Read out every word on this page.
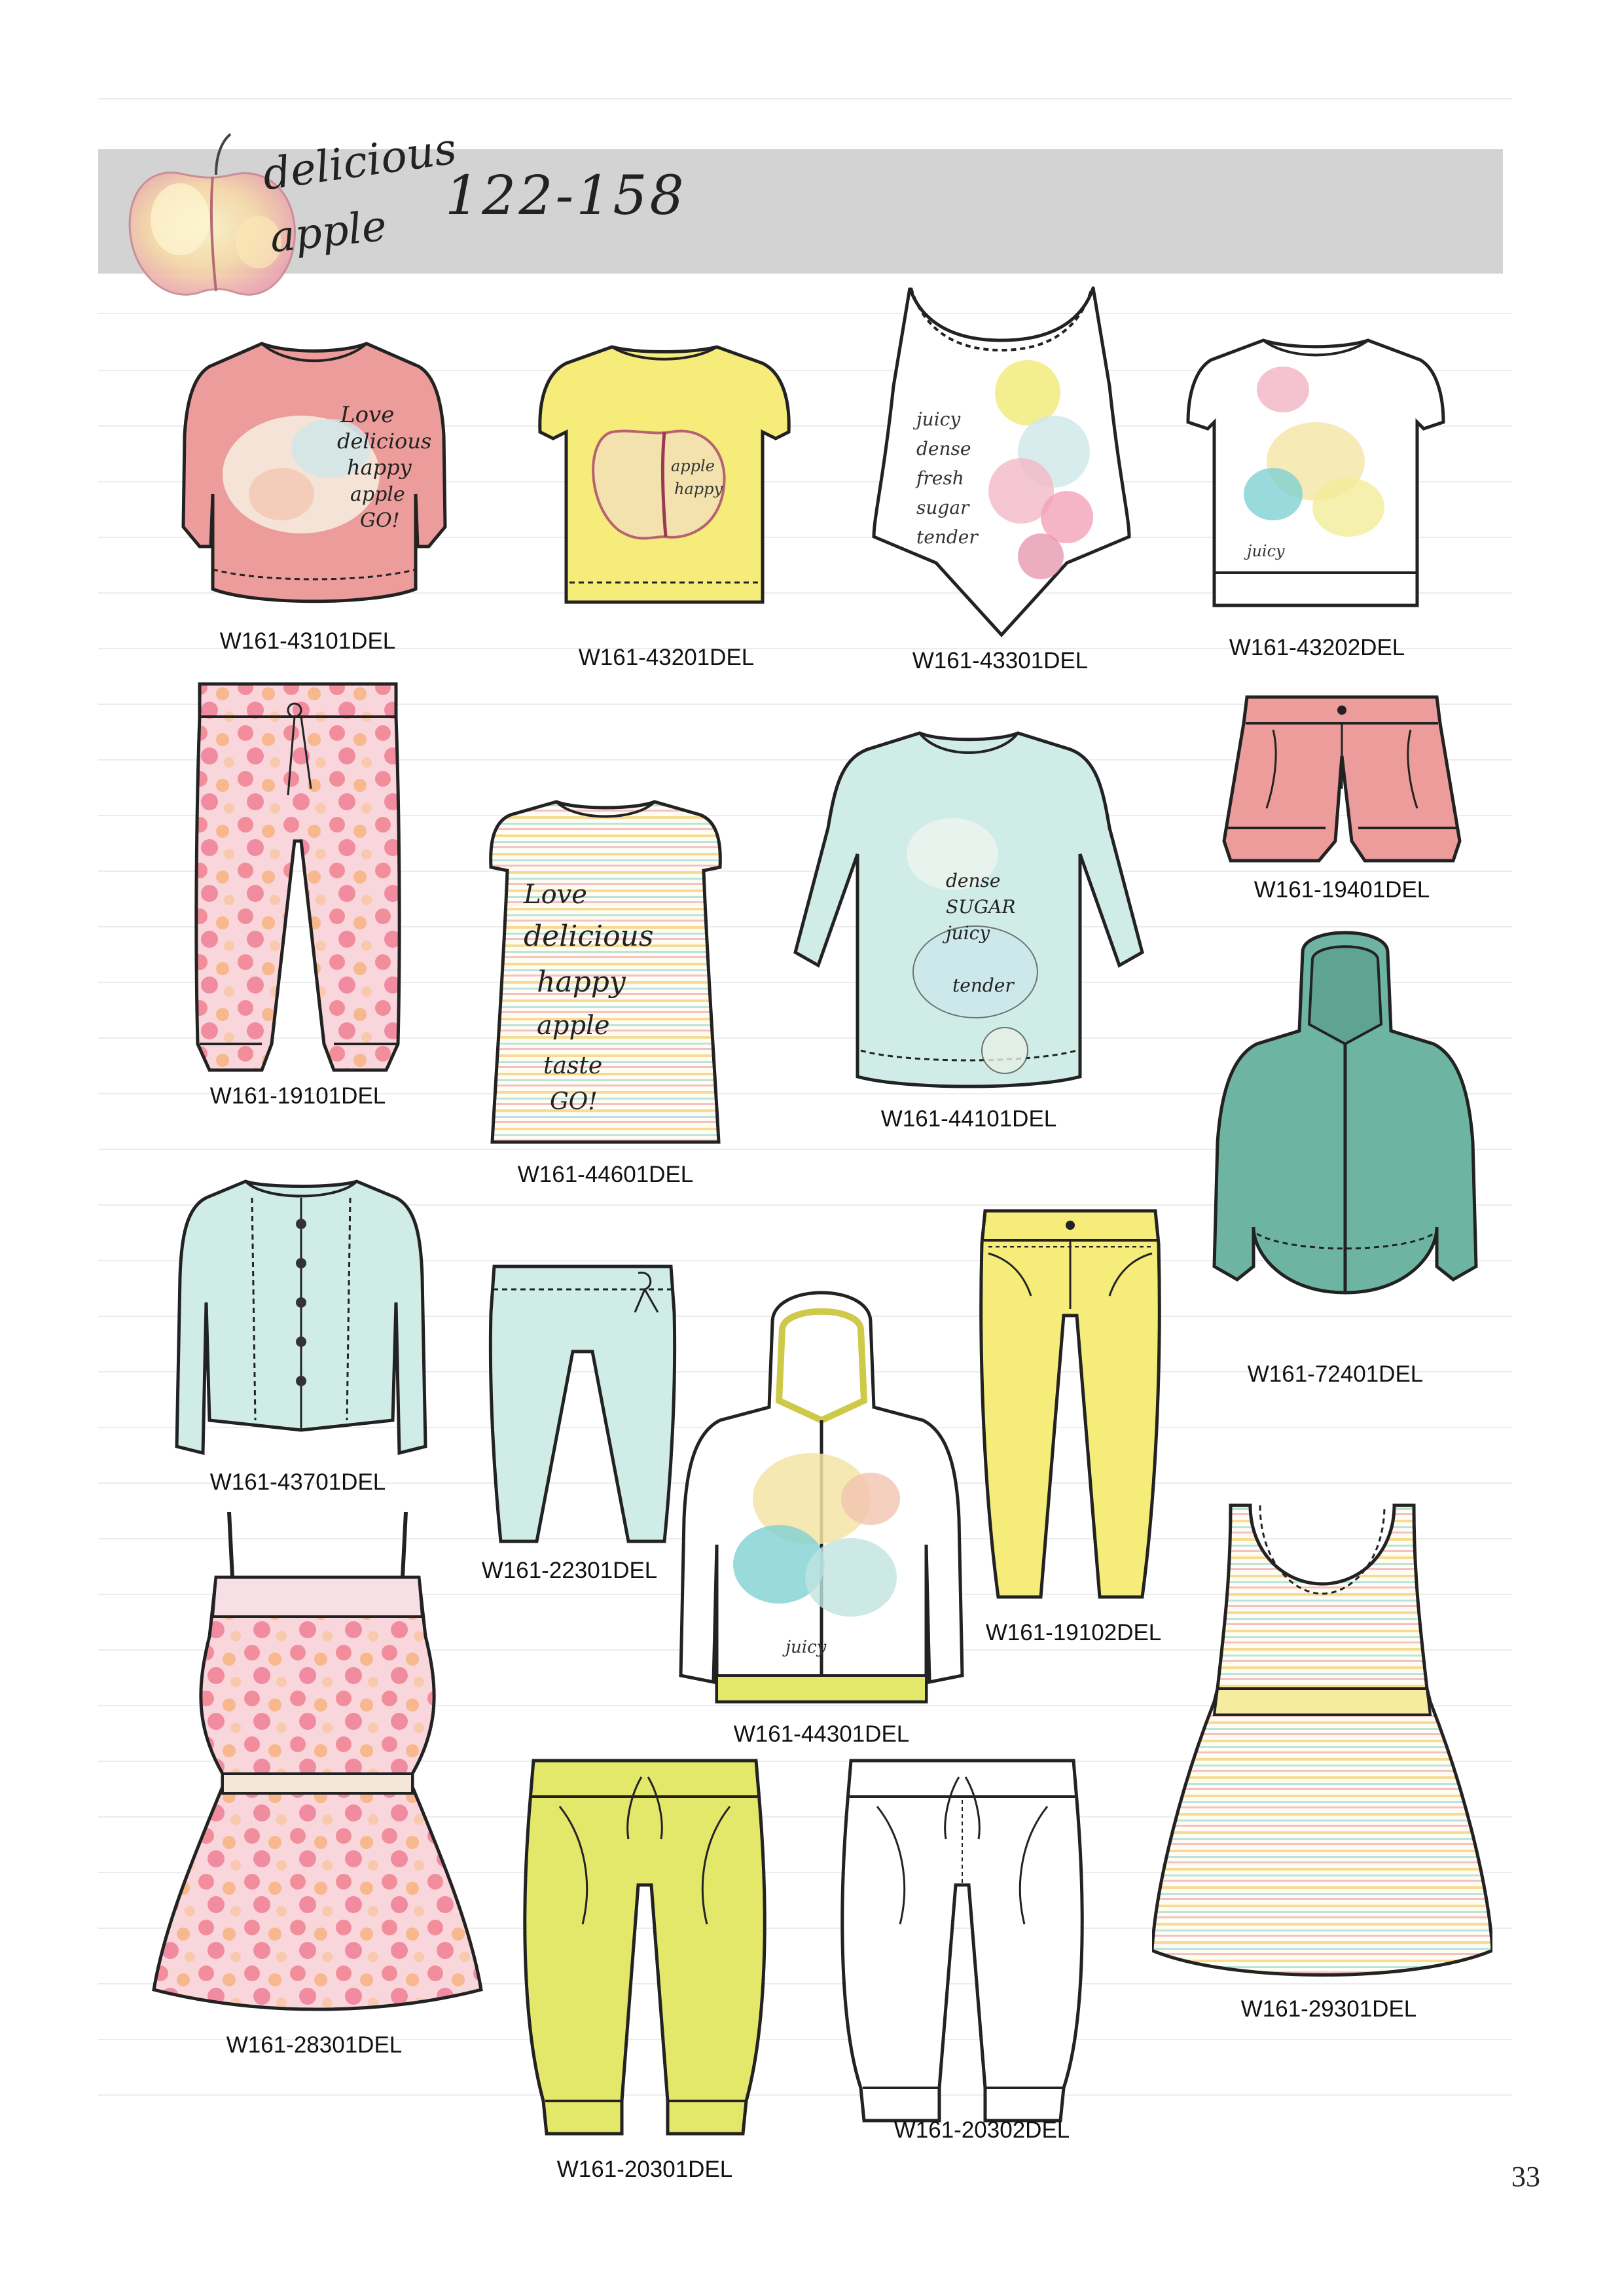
delicious
apple
122-158
Love
delicious
happy
apple
GO!
W161-43101DEL
apple
happy
W161-43201DEL
juicy
dense
fresh
sugar
tender
W161-43301DEL
juicy
W161-43202DEL
W161-19101DEL
Love
delicious
happy
apple
taste
GO!
W161-44601DEL
dense
SUGAR
juicy
tender
W161-44101DEL
W161-19401DEL
W161-72401DEL
W161-43701DEL
W161-22301DEL
juicy
W161-44301DEL
W161-19102DEL
W161-28301DEL
W161-29301DEL
W161-20301DEL
W161-20302DEL
33
